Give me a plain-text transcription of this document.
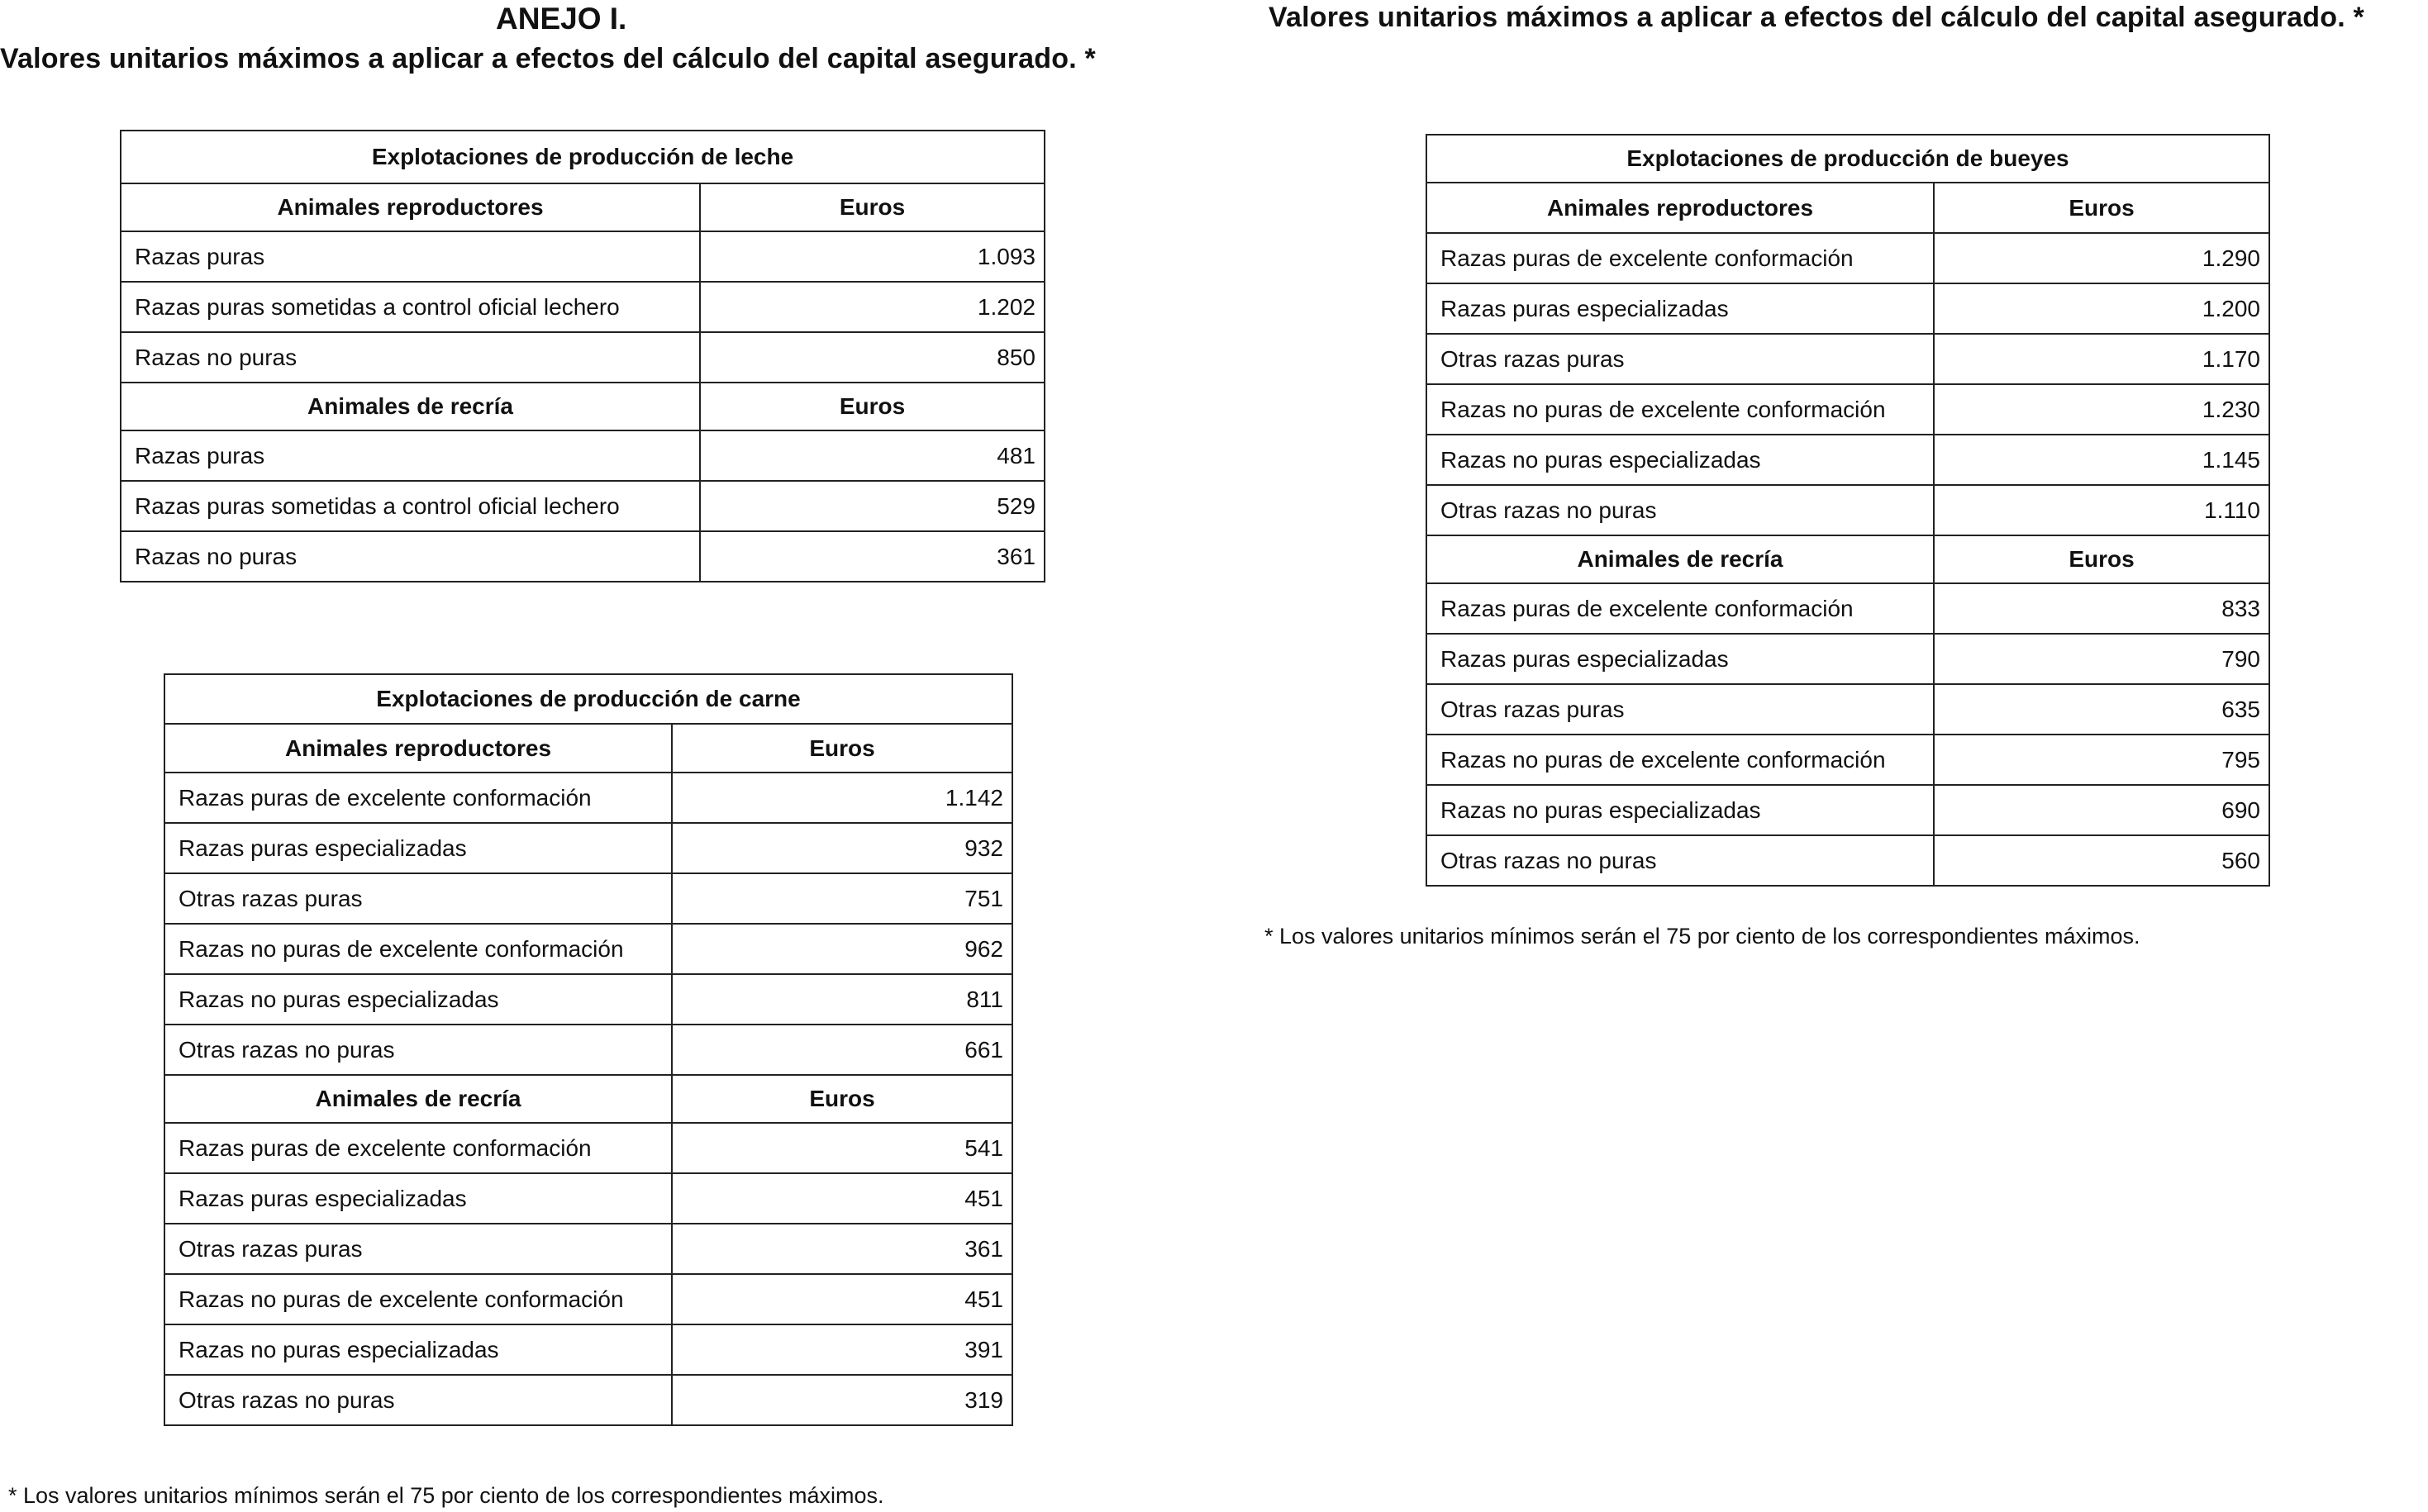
ANEJO I.
Valores unitarios máximos a aplicar a efectos del cálculo del capital asegurado. *
Valores unitarios máximos a aplicar a efectos del cálculo del capital asegurado. *
Explotaciones de producción de leche	
Animales reproductores	Euros
Razas puras	1.093
Razas puras sometidas a control oficial lechero	1.202
Razas no puras	850
Animales de recría	Euros
Razas puras	481
Razas puras sometidas a control oficial lechero	529
Razas no puras	361
Explotaciones de producción de carne	
Animales reproductores	Euros
Razas puras de excelente conformación	1.142
Razas puras especializadas	932
Otras razas puras	751
Razas no puras de excelente conformación	962
Razas no puras especializadas	811
Otras razas no puras	661
Animales de recría	Euros
Razas puras de excelente conformación	541
Razas puras especializadas	451
Otras razas puras	361
Razas no puras de excelente conformación	451
Razas no puras especializadas	391
Otras razas no puras	319
Explotaciones de producción de bueyes	
Animales reproductores	Euros
Razas puras de excelente conformación	1.290
Razas puras especializadas	1.200
Otras razas puras	1.170
Razas no puras de excelente conformación	1.230
Razas no puras especializadas	1.145
Otras razas no puras	1.110
Animales de recría	Euros
Razas puras de excelente conformación	833
Razas puras especializadas	790
Otras razas puras	635
Razas no puras de excelente conformación	795
Razas no puras especializadas	690
Otras razas no puras	560
* Los valores unitarios mínimos serán el 75 por ciento de los correspondientes máximos.
* Los valores unitarios mínimos serán el 75 por ciento de los correspondientes máximos.
